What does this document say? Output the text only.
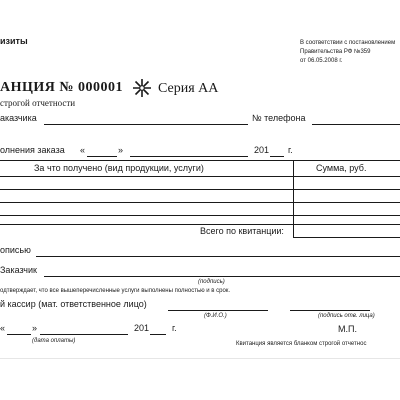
изиты	В соответствии с постановлением
Правительства РФ №359
от 06.05.2008 г.
АНЦИЯ № 000001	Серия АА
строгой отчетности
аказчика	№ телефона
олнения заказа «	»	201 г.
За что получено (вид продукции, услуги)	Сумма, руб.
Всего по квитанции:
описью
Заказчик
(подпись)
одтверждает, что все вышеперечисленные услуги выполнены полностью и в срок.
й кассир (мат. ответственное лицо)
(Ф.И.О.)	(подпись отв. лица)
«	»	201	г.
(дата оплаты)
М.П.
Квитанция является бланком строгой отчетнос
